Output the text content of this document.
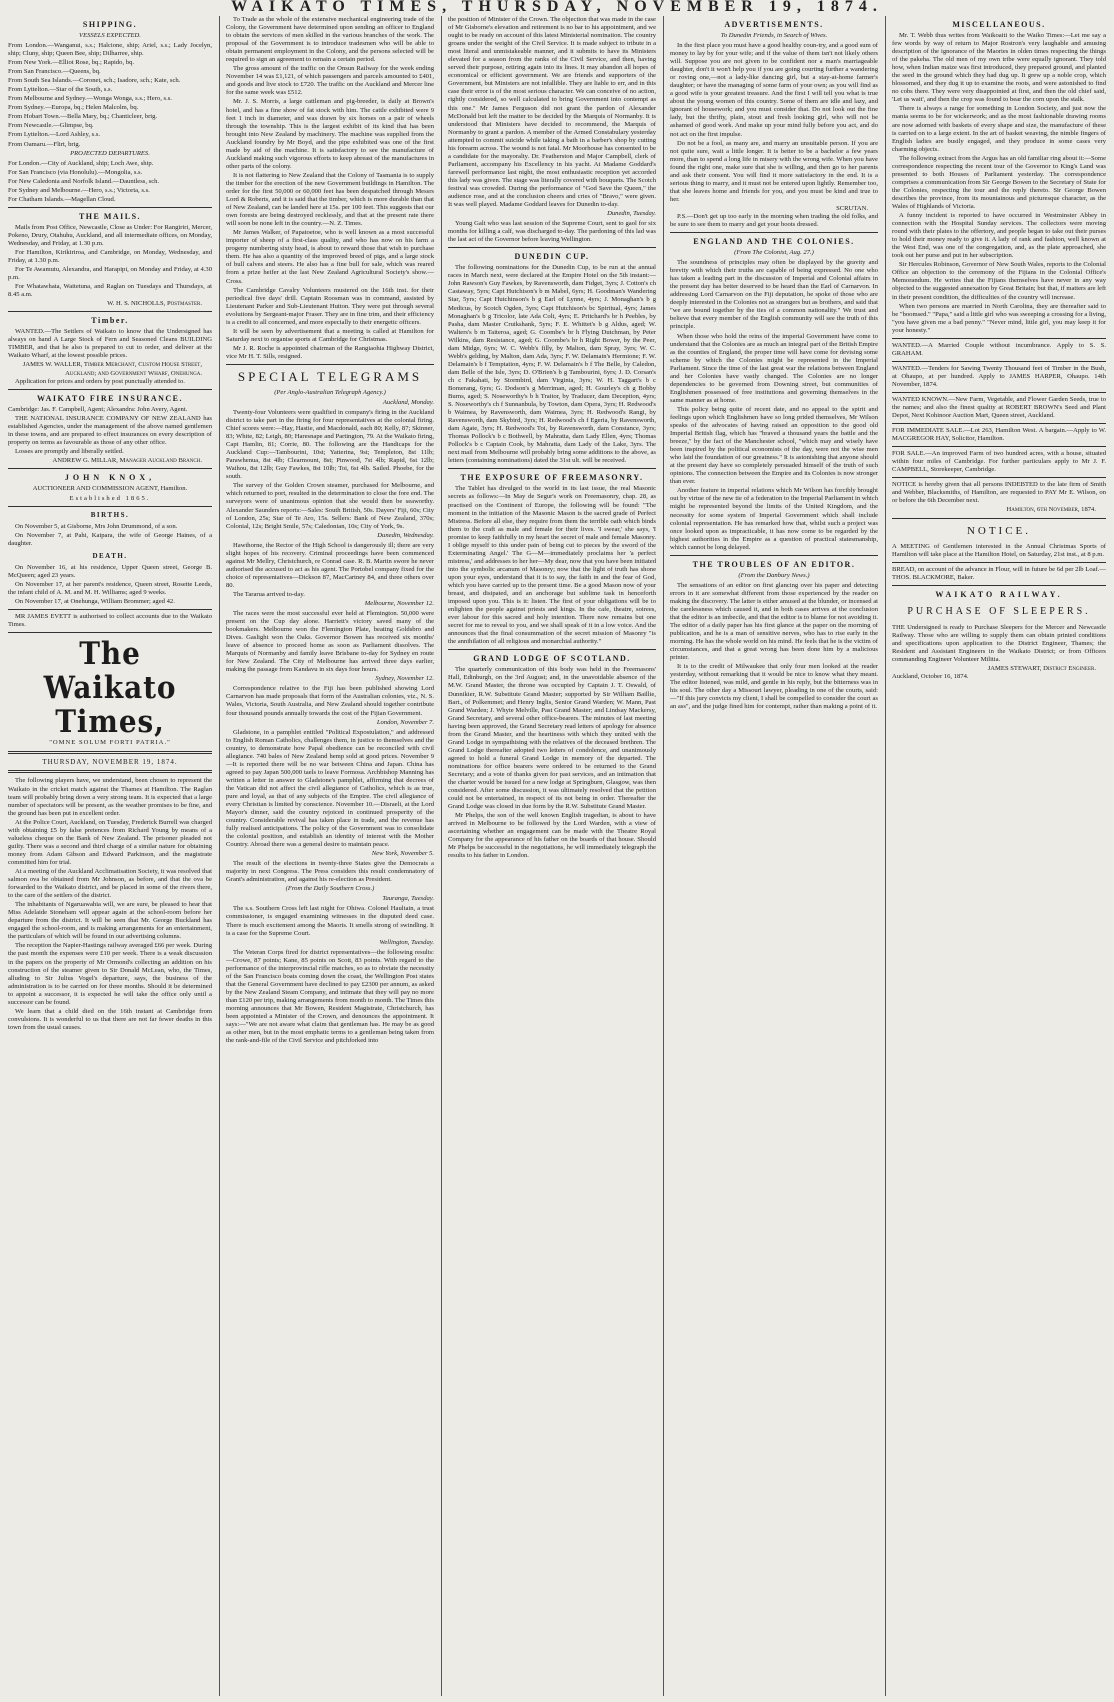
WAIKATO TIMES, THURSDAY, NOVEMBER 19, 1874.
SHIPPING.
VESSELS EXPECTED.

From London.—Wanganui, s.s.; Halcione, ship; Ariel, s.s.; Lady Jocelyn, ship; Cluny, ship; Queen Bee, ship; Dilharree, ship.

From New York.—Elliot Rose, bq.; Rapido, bq.

From San Francisco.—Queens, bq.

From South Sea Islands.—Coronet, sch.; Isadore, sch.; Kate, sch.

From Lyttelton.—Star of the South, s.s.

From Melbourne and Sydney.—Wonga Wonga, s.s.; Hero, s.s.

From Sydney.—Europa, bq.; Helen Malcolm, bq.

From Hobart Town.—Bella Mary, bq.; Chanticleer, brig.

From Newcastle.—Glimpse, bq.

From Lyttelton.—Lord Ashley, s.s.

From Oamaru.—Flirt, brig.

PROJECTED DEPARTURES.

For London.—City of Auckland, ship; Loch Awe, ship.

For San Francisco (via Honolulu).—Mongolia, s.s.

For New Caledonia and Norfolk Island.—Dauntless, sch.

For Sydney and Melbourne.—Hero, s.s.; Victoria, s.s.

For Chatham Islands.—Magellan Cloud.

THE MAILS.

Mails from Post Office, Newcastle, Close as Under: For Rangiriri, Mercer, Pokeno, Drury, Otahuhu, Auckland, and all intermediate offices, on Monday, Wednesday, and Friday, at 1.30 p.m.

For Hamilton, Kirikiriroa, and Cambridge, on Monday, Wednesday, and Friday, at 1.30 p.m.

For Te Awamutu, Alexandra, and Harapipi, on Monday and Friday, at 4.30 p.m.

For Whatawhata, Waitetuna, and Raglan on Tuesdays and Thursdays, at 8.45 a.m.

W. H. S. NICHOLLS, Postmaster.
Timber.

WANTED.—The Settlers of Waikato to know that the Undersigned has always on hand A Large Stock of Fern and Seasoned Cleans BUILDING TIMBER, and that he also is prepared to cut to order, and deliver at the Waikato Wharf, at the lowest possible prices.

JAMES W. WALLER, Timber Merchant, Custom House Street, Auckland; and Government Wharf, Onehunga.

Application for prices and orders by post punctually attended to.

WAIKATO FIRE INSURANCE.

Cambridge: Jas. F. Campbell, Agent; Alexandra: John Avery, Agent.

THE NATIONAL INSURANCE COMPANY OF NEW ZEALAND has established Agencies, under the management of the above named gentlemen in these towns, and are prepared to effect insurances on every description of property on terms as favourable as those of any other office.

Losses are promptly and liberally settled.

ANDREW G. MILLAR, Manager Auckland Branch.
JOHN KNOX,
AUCTIONEER AND COMMISSION AGENT, Hamilton.
Established 1865.
BIRTHS.

On November 5, at Gisborne, Mrs John Drummond, of a son.

On November 7, at Pahi, Kaipara, the wife of George Haines, of a daughter.

DEATH.

On November 16, at his residence, Upper Queen street, George B. McQueen; aged 23 years.

On November 17, at her parent's residence, Queen street, Rosette Leeds, the infant child of A. M. and M. H. Williams; aged 9 weeks.

On November 17, at Onehunga, William Brommer; aged 42.

MR JAMES EVETT is authorised to collect accounts due to the Waikato Times.

The Waikato Times,
"OMNE SOLUM FORTI PATRIA."
THURSDAY, NOVEMBER 19, 1874.

The following players have, we understand, been chosen to represent the Waikato in the cricket match against the Thames at Hamilton. The Raglan team will probably bring down a very strong team. It is expected that a large number of spectators will be present, as the weather promises to be fine, and the ground has been put in excellent order.

At the Police Court, Auckland, on Tuesday, Frederick Burrell was charged with obtaining £5 by false pretences from Richard Young by means of a valueless cheque on the Bank of New Zealand. The prisoner pleaded not guilty. There was a second and third charge of a similar nature for obtaining money from Adam Gibson and Edward Parkinson, and the magistrate committed him for trial.

At a meeting of the Auckland Acclimatisation Society, it was resolved that salmon ova be obtained from Mr Johnson, as before, and that the ova be forwarded to the Waikato district, and be placed in some of the rivers there, to the care of the settlers of the district.

The inhabitants of Ngaruawahia will, we are sure, be pleased to hear that Miss Adelaide Stoneham will appear again at the school-room before her departure from the district. It will be seen that Mr. George Buckland has engaged the school-room, and is making arrangements for an entertainment, the particulars of which will be found in our advertising columns.

The reception the Napier-Hastings railway averaged £66 per week. During the past month the expenses were £10 per week. There is a weak discussion in the papers on the property of Mr Ormond's collecting an addition on his construction of the steamer given to Sir Donald McLean, who, the Times, alluding to Sir Julius Vogel's departure, says, the business of the administration is to be carried on for three months. Should it be determined to appoint a successor, it is expected he will take the office only until a successor can be found.

We learn that a child died on the 16th instant at Cambridge from convulsions. It is wonderful to us that there are not far fewer deaths in this town from the usual causes.

To Trade as the whole of the extensive mechanical engineering trade of the Colony, the Government have determined upon sending an officer to England to obtain the services of men skilled in the various branches of the work. The proposal of the Government is to introduce tradesmen who will be able to obtain permanent employment in the Colony, and the persons selected will be required to sign an agreement to remain a certain period.

The gross amount of the traffic on the Onsun Railway for the week ending November 14 was £1,121, of which passengers and parcels amounted to £401, and goods and live stock to £720. The traffic on the Auckland and Mercer line for the same week was £512.

Mr. J. S. Morris, a large cattleman and pig-breeder, is daily at Brown's hotel, and has a fine show of fat stock with him. The cattle exhibited were 9 feet 1 inch in diameter, and was drawn by six horses on a pair of wheels through the township. This is the largest exhibit of its kind that has been brought into New Zealand by machinery. The machine was supplied from the Auckland foundry by Mr Boyd, and the pipe exhibited was one of the first made by aid of the machine. It is satisfactory to see the manufacture of Auckland making such vigorous efforts to keep abreast of the manufactures in other parts of the colony.

It is not flattering to New Zealand that the Colony of Tasmania is to supply the timber for the erection of the new Government buildings in Hamilton. The order for the first 50,000 or 60,000 feet has been despatched through Messrs Lord & Roberts, and it is said that the timber, which is more durable than that of New Zealand, can be landed here at 15s. per 100 feet. This suggests that our own forests are being destroyed recklessly, and that at the present rate there will soon be none left in the country.—N. Z. Times.

Mr James Walker, of Papatoetoe, who is well known as a most successful importer of sheep of a first-class quality, and who has now on his farm a progeny numbering sixty head, is about to reward those that wish to purchase them. He has also a quantity of the improved breed of pigs, and a large stock of bull calves and steers. He also has a fine bull for sale, which was reared from a prize heifer at the last New Zealand Agricultural Society's show.—Cross.

The Cambridge Cavalry Volunteers mustered on the 16th inst. for their periodical five days' drill. Captain Roosman was in command, assisted by Lieutenant Parker and Sub-Lieutenant Hutton. They were put through several evolutions by Sergeant-major Fraser. They are in fine trim, and their efficiency is a credit to all concerned, and more especially to their energetic officers.

It will be seen by advertisement that a meeting is called at Hamilton for Saturday next to organise sports at Cambridge for Christmas.

Mr J. R. Roche is appointed chairman of the Rangiaohia Highway District, vice Mr H. T. Sills, resigned.

SPECIAL TELEGRAMS
(Per Anglo-Australian Telegraph Agency.)
Auckland, Monday.

Twenty-four Volunteers were qualified in company's firing in the Auckland district to take part in the firing for four representatives at the colonial firing. Chief scores were:—Hay, Hastie, and Macdonald, each 80; Kelly, 87; Skinner, 83; White, 82; Leigh, 80; Haresnape and Partington, 79. At the Waikato firing, Capt Hamlin, 81; Corrie, 80. The following are the Handicaps for the Auckland Cup:—Tambourini, 10st; Yatterina, 9st; Templeton, 8st 11lb; Parawhenua, 8st 4lb; Clearmount, 8st; Pinwood, 7st 4lb; Rapid, 6st 12lb; Waihou, 8st 12lb; Guy Fawkes, 8st 10lb; Toi, 6st 4lb. Sailed. Phoebe, for the south.

The survey of the Golden Crown steamer, purchased for Melbourne, and which returned to port, resulted in the determination to close the fore end. The surveyors were of unanimous opinion that she would then be seaworthy. Alexander Saunders reports:—Sales: South British, 50s. Dayers' Fiji, 60s; City of London, 25s; Star of Te Aro, 15s. Sellers: Bank of New Zealand, 370s; Colonial, 12s; Bright Smile, 57s; Caledonian, 10s; City of York, 9s.

Dunedin, Wednesday.

Hawthorne, the Rector of the High School is dangerously ill; there are very slight hopes of his recovery. Criminal proceedings have been commenced against Mr Mellry, Christchurch, re Conrad case. R. B. Martin swore he never authorised the accused to act as his agent. The Portobel company fixed for the choice of representatives—Dickson 87, MacCartney 84, and three others over 80.

The Tararua arrived to-day.

Melbourne, November 12.

The races were the most successful ever held at Flemington. 50,000 were present on the Cup day alone. Harriett's victory saved many of the bookmakers. Melbourne won the Flemington Plate, beating Goldsbro and Dives. Gaslight won the Oaks. Governor Bowen has received six months' leave of absence to proceed home as soon as Parliament dissolves. The Marquis of Normanby and family leave Brisbane to-day for Sydney en route for New Zealand. The City of Melbourne has arrived three days earlier, making the passage from Kandavu in six days four hours.

Sydney, November 12.

Correspondence relative to the Fiji has been published showing Lord Carnarvon has made proposals that form of the Australian colonies, viz., N. S. Wales, Victoria, South Australia, and New Zealand should together contribute four thousand pounds annually towards the cost of the Fijian Government.

London, November 7.

Gladstone, in a pamphlet entitled "Political Expostulation," and addressed to English Roman Catholics, challenges them, in justice to themselves and the country, to demonstrate how Papal obedience can be reconciled with civil allegiance. 740 bales of New Zealand hemp sold at good prices. November 9—It is reported there will be no war between China and Japan. China has agreed to pay Japan 500,000 taels to leave Formosa. Archbishop Manning has written a letter in answer to Gladstone's pamphlet, affirming that decrees of the Vatican did not affect the civil allegiance of Catholics, which is as true, pure and loyal, as that of any subjects of the Empire. The civil allegiance of every Christian is limited by conscience. November 10.—Disraeli, at the Lord Mayor's dinner, said the country rejoiced in continued prosperity of the country. Considerable revival has taken place in trade, and the revenue has fully realised anticipations. The policy of the Government was to consolidate the colonial position, and establish an identity of interest with the Mother Country. Abroad there was a general desire to maintain peace.

New York, November 5.

The result of the elections in twenty-three States give the Democrats a majority in next Congress. The Press considers this result condemnatory of Grant's administration, and against his re-election as President.

(From the Daily Southern Cross.)
Tauranga, Tuesday.

The s.s. Southern Cross left last night for Ohiwa. Colonel Haultain, a trust commissioner, is engaged examining witnesses in the disputed deed case. There is much excitement among the Maoris. It smells strong of swindling. It is a case for the Supreme Court.

Wellington, Tuesday.

The Veteran Corps fired for district representatives—the following results:—Crowe, 87 points; Kane, 85 points on Scott, 83 points. With regard to the performance of the interprovincial rifle matches, so as to obviate the necessity of the San Francisco boats coming down the coast, the Wellington Post states that the General Government have declined to pay £2300 per annum, as asked by the New Zealand Steam Company, and intimate that they will pay no more than £120 per trip, making arrangements from month to month. The Times this morning announces that Mr Bowen, Resident Magistrate, Christchurch, has been appointed a Minister of the Crown, and denounces the appointment. It says:—"We are not aware what claim that gentleman has. He may be as good as other men, but in the most emphatic terms to a gentleman being taken from the rank-and-file of the Civil Service and pitchforked into

the position of Minister of the Crown. The objection that was made in the case of Mr Gisborne's elevation and retirement is no bar to his appointment, and we ought to be ready on account of this latest Ministerial nomination. The country groans under the weight of the Civil Service. It is made subject to tribute in a most literal and unmistakeable manner, and it submits to have its Ministers elevated for a season from the ranks of the Civil Service, and then, having served their purpose, retiring again into its lines. It may abandon all hopes of economical or efficient government. We are friends and supporters of the Government, but Ministers are not infallible. They are liable to err, and in this case their error is of the most serious character. We can conceive of no action, rightly considered, so well calculated to bring Government into contempt as this one." Mr James Ferguson did not grant the pardon of Alexander McDonald but left the matter to be decided by the Marquis of Normanby. It is understood that Ministers have decided to recommend, the Marquis of Normanby to grant a pardon. A member of the Armed Constabulary yesterday attempted to commit suicide while taking a bath in a barber's shop by cutting his forearm across. The wound is not fatal. Mr Moorhouse has consented to be a candidate for the mayoralty. Dr. Featherston and Major Campbell, clerk of Parliament, accompany his Excellency in his yacht. At Madame Goddard's farewell performance last night, the most enthusiastic reception yet accorded this lady was given. The stage was literally covered with bouquets. The Scotch festival was crowded. During the performance of "God Save the Queen," the audience rose, and at the conclusion cheers and cries of "Bravo," were given. It was well played. Madame Goddard leaves for Dunedin to-day.

Dunedin, Tuesday.

Young Galt who was last session of the Supreme Court, sent to gaol for six months for killing a calf, was discharged to-day. The pardoning of this lad was the last act of the Governor before leaving Wellington.

DUNEDIN CUP.

The following nominations for the Dunedin Cup, to be run at the annual races in March next, were declared at the Empire Hotel on the 5th instant:—John Rawson's Guy Fawkes, by Ravensworth, dam Fidget, 3yrs; J. Cotton's ch Castaway, 5yrs; Capt Hutchison's b m Mabel, 6yrs; H. Goodman's Wandering Star, 5yrs; Capt Hutchinson's b g Earl of Lynne, 4yrs; J. Monaghan's b g Medicus, by Scotch Ogden, 3yrs; Capt Hutchison's bc Spiritual, 4yrs; James Monaghan's b g Tricolor, late Ada Colt, 4yrs; E. Pritchard's br h Peebles, by Pasha, dam Master Cruikshank, 5yrs; F. E. Whittet's b g Aldus, aged; W. Walters's b m Taiteroa, aged; G. Coombe's br h Flying Dutchman, by Peter Wilkins, dam Resistance, aged; G. Coombe's br h Right Bower, by the Peer, dam Midge, 6yrs; W. C. Webb's filly, by Malton, dam Spray, 3yrs; W. C. Webb's gelding, by Malton, dam Ada, 3yrs; F. W. Delamain's Hermione; F. W. Delamain's b f Temptation, 4yrs; F. W. Delamain's b f The Belle, by Caledon, dam Belle of the Isle, 3yrs; D. O'Brien's b g Tambourini, 6yrs; J. D. Corsan's ch c Fakahati, by Stormbird, dam Virginia, 3yrs; W. H. Taggart's b c Bomerang, 6yrs; G. Dodson's g Merriman, aged; H. Gourley's ch g Bobby Burns, aged; S. Noseworthy's b h Traitor, by Traducer, dam Deception, 4yrs; S. Noseworthy's ch f Sunnanbula, by Towton, dam Opera, 3yrs; H. Redwood's b Waimea, by Ravensworth, dam Waimea, 3yrs; H. Redwood's Rangi, by Ravensworth, dam Skybird, 3yrs; H. Redwood's ch f Egeria, by Ravensworth, dam Agate, 3yrs; H. Redwood's Toi, by Ravensworth, dam Constance, 3yrs; Thomas Pollock's b c Bothwell, by Mahratta, dam Lady Ellen, 4yrs; Thomas Pollock's b c Captain Cook, by Mahratta, dam Lady of the Lake, 3yrs. The next mail from Melbourne will probably bring some additions to the above, as letters (containing nominations) dated the 31st ult. will be received.

THE EXPOSURE OF FREEMASONRY.

The Tablet has divulged to the world in its last issue, the real Masonic secrets as follows:—In May de Segur's work on Freemasonry, chap. 28, as practised on the Continent of Europe, the following will be found: "The moment in the initiation of the Masonic Mason is the sacred grade of Perfect Mistress. Before all else, they require from them the terrible oath which binds them to the craft as male and female for their lives. 'I swear,' she says, 'I promise to keep faithfully in my heart the secret of male and female Masonry. I oblige myself to this under pain of being cut to pieces by the sword of the Exterminating Angel.' The G—M—immediately proclaims her 'a perfect mistress,' and addresses to her her—My dear, now that you have been initiated into the symbolic arcanum of Masonry; now that the light of truth has shone upon your eyes, understand that it is to say, the faith in and the fear of God, which you have carried up to the present time. Be a good Mason now of your breast, and disipated, and an anchorage but sublime task in henceforth imposed upon you. This is it: listen. The first of your obligations will be to enlighten the people against priests and kings. In the cafe, theatre, soirees, ever labour for this sacred and holy intention. There now remains but one secret for me to reveal to you, and we shall speak of it in a low voice. And the announces that the final consummation of the secret mission of Masonry "is the annihilation of all religious and monarchial authority."

GRAND LODGE OF SCOTLAND.

The quarterly communication of this body was held in the Freemasons' Hall, Edinburgh, on the 3rd August; and, in the unavoidable absence of the M.W. Grand Master, the throne was occupied by Captain J. T. Oswald, of Dunnikier, R.W. Substitute Grand Master; supported by Sir William Baillie, Bart., of Polkemmet; and Henry Inglis, Senior Grand Warden; W. Mann, Past Grand Warden; J. Whyte Melville, Past Grand Master; and Lindsay Mackersy, Grand Secretary, and several other office-bearers. The minutes of last meeting having been approved, the Grand Secretary read letters of apology for absence from the Grand Master, and the heartiness with which they united with the Grand Lodge in sympathising with the relatives of the deceased brethren. The Grand Lodge thereafter adopted two letters of condolence, and unanimously agreed to hold a funeral Grand Lodge in memory of the departed. The nominations for office bearers were ordered to be returned to the Grand Secretary; and a vote of thanks given for past services, and an intimation that the charter would be issued for a new lodge at Springburn, Glasgow, was then considered. After some discussion, it was ultimately resolved that the petition could not be entertained, in respect of its not being in order. Thereafter the Grand Lodge was closed in due form by the R.W. Substitute Grand Master.

Mr Phelps, the son of the well known English tragedian, is about to have arrived in Melbourne to be followed by the Lord Warden, with a view of ascertaining whether an engagement can be made with the Theatre Royal Company for the appearance of his father on the boards of that house. Should Mr Phelps be successful in the negotiations, he will immediately telegraph the results to his father in London.

ADVERTISEMENTS.
To Dunedin Friends, in Search of Wives.

In the first place you must have a good healthy coun-try, and a good sum of money to lay by for your wife; and if the value of them isn't not likely others will. Suppose you are not given to be confident nor a man's marriageable daughter, don't it won't help you if you are going courting further a wandering or roving one,—not a lady-like dancing girl, but a stay-at-home farmer's daughter; or have the managing of some farm of your own; as you will find as a good wife is your greatest treasure. And the first I will tell you what is true about the young women of this country. Some of them are idle and lazy, and ignorant of housework; and you must consider that. Do not look out the fine lady, but the thrifty, plain, stout and fresh looking girl, who will not be ashamed of good work. And make up your mind fully before you act, and do not act on the first impulse.

Do not be a fool, as many are, and marry an unsuitable person. If you are not quite sure, wait a little longer. It is better to be a bachelor a few years more, than to spend a long life in misery with the wrong wife. When you have found the right one, make sure that she is willing, and then go to her parents and ask their consent. You will find it more satisfactory in the end. It is a serious thing to marry, and it must not be entered upon lightly. Remember too, that she leaves home and friends for you, and you must be kind and true to her.

SCRUTAN.

P.S.—Don't get up too early in the morning when trading the old folks, and be sure to see them to marry and get your boots dressed.

ENGLAND AND THE COLONIES.
(From The Colonist, Aug. 27.)

The soundness of principles may often be displayed by the gravity and brevity with which their truths are capable of being expressed. No one who has taken a leading part in the discussion of Imperial and Colonial affairs in the present day has better deserved to be heard than the Earl of Carnarvon. In addressing Lord Carnarvon on the Fiji deputation, he spoke of those who are deeply interested in the Colonies not as strangers but as brothers, and said that "we are bound together by the ties of a common nationality." We trust and believe that every member of the English community will see the truth of this principle.

When those who hold the reins of the imperial Government have come to understand that the Colonies are as much an integral part of the British Empire as the counties of England, the proper time will have come for devising some scheme by which the Colonies might be represented in the Imperial Parliament. Since the time of the last great war the relations between England and her Colonies have vastly changed. The Colonies are no longer dependencies to be governed from Downing street, but communities of Englishmen possessed of free institutions and governing themselves in the same manner as at home.

This policy being quite of recent date, and no appeal to the spirit and feelings upon which Englishmen have so long prided themselves, Mr Wilson speaks of the advocates of having raised an opposition to the good old Imperial British flag, which has "braved a thousand years the battle and the breeze," by the fact of the Manchester school, "which may and wisely have been inspired by the political economists of the day, were not the wise men who laid the foundation of our greatness." It is astonishing that anyone should at the present day have so completely persuaded himself of the truth of such opinions. The connection between the Empire and its Colonies is now stronger than ever.

Another feature in imperial relations which Mr Wilson has forcibly brought out by virtue of the new tie of a federation to the Imperial Parliament in which might be represented beyond the limits of the United Kingdom, and the necessity for some system of Imperial Government which shall include colonial representation. He has remarked how that, whilst such a project was once looked upon as impracticable, it has now come to be regarded by the highest authorities in the Empire as a question of practical statesmanship, which cannot be long delayed.

THE TROUBLES OF AN EDITOR.
(From the Danbury News.)

The sensations of an editor on first glancing over his paper and detecting errors in it are somewhat different from those experienced by the reader on making the discovery. The latter is either amused at the blunder, or incensed at the carelessness which caused it, and in both cases arrives at the conclusion that the editor is an imbecile, and that the editor is to blame for not avoiding it. The editor of a daily paper has his first glance at the paper on the morning of publication, and he is a man of sensitive nerves, who has to rise early in the morning. He has the whole world on his mind. He feels that he is the victim of circumstances, and that a great wrong has been done him by a malicious printer.

It is to the credit of Milwaukee that only four men looked at the reader yesterday, without remarking that it would be nice to know what they meant. The editor listened, was mild, and gentle in his reply, but the bitterness was in his soul. The other day a Missouri lawyer, pleading in one of the courts, said:—"If this jury convicts my client, I shall be compelled to consider the court as an ass", and the judge fined him for contempt, rather than making a point of it.

MISCELLANEOUS.

Mr. T. Webb thus writes from Waikoaiti to the Waiko Times:—Let me say a few words by way of return to Major Rostron's very laughable and amusing description of the ignorance of the Maories in olden times respecting the things of the pakeha. The old men of my own tribe were equally ignorant. They told how, when Indian maize was first introduced, they prepared ground, and planted the seed in the ground which they had dug up. It grew up a noble crop, which blossomed, and they dug it up to examine the roots, and were astonished to find no cobs there. They were very disappointed at first, and then the old chief said, 'Let us wait', and then the crop was found to bear the corn upon the stalk.

There is always a range for something in London Society, and just now the mania seems to be for wickerwork; and as the most fashionable drawing rooms are now adorned with baskets of every shape and size, the manufacture of these is carried on to a large extent. In the art of basket weaving, the nimble fingers of English ladies are busily engaged, and they produce in some cases very charming objects.

The following extract from the Argus has an old familiar ring about it:—Some correspondence respecting the recent tour of the Governor to King's Land was presented to both Houses of Parliament yesterday. The correspondence comprises a communication from Sir George Bowen to the Secretary of State for the Colonies, respecting the tour and the reply thereto. Sir George Bowen describes the province, from its mountainous and picturesque character, as the Wales of Highlands of Victoria.

A funny incident is reported to have occurred in Westminster Abbey in connection with the Hospital Sunday services. The collectors were moving round with their plates to the offertory, and people began to take out their purses to hold their money ready to give it. A lady of rank and fashion, well known at the West End, was one of the congregation, and, as the plate approached, she took out her purse and put in her subscription.

Sir Hercules Robinson, Governor of New South Wales, reports to the Colonial Office an objection to the ceremony of the Fijians in the Colonial Office's Memorandum. He writes that the Fijians themselves have never in any way objected to the suggested annexation by Great Britain; but that, if matters are left in their present condition, the difficulties of the country will increase.

When two persons are married in North Carolina, they are thereafter said to be "boomsed." "Papa," said a little girl who was sweeping a crossing for a living, "you have given me a bad penny." "Never mind, little girl, you may keep it for your honesty."

WANTED.—A Married Couple without incumbrance. Apply to S. S. GRAHAM.

WANTED.—Tenders for Sawing Twenty Thousand feet of Timber in the Bush, at Ohaupo, at per hundred. Apply to JAMES HARPER, Ohaupo. 14th November, 1874.

WANTED KNOWN.—New Farm, Vegetable, and Flower Garden Seeds, true to the names; and also the finest quality at ROBERT BROWN's Seed and Plant Depot, Next Kohinoor Auction Mart, Queen street, Auckland.

FOR IMMEDIATE SALE.—Lot 263, Hamilton West. A bargain.—Apply to W. MACGREGOR HAY, Solicitor, Hamilton.

FOR SALE.—An improved Farm of two hundred acres, with a house, situated within four miles of Cambridge. For further particulars apply to Mr J. F. CAMPBELL, Storekeeper, Cambridge.

NOTICE is hereby given that all persons INDEBTED to the late firm of Smith and Webber, Blacksmiths, of Hamilton, are requested to PAY Mr E. Wilson, on or before the 6th December next.

Hamilton, 6th November, 1874.
NOTICE.

A MEETING of Gentlemen interested in the Annual Christmas Sports of Hamilton will take place at the Hamilton Hotel, on Saturday, 21st inst., at 8 p.m.

BREAD, on account of the advance in Flour, will in future be 6d per 2lb Loaf.—THOS. BLACKMORE, Baker.

WAIKATO RAILWAY.
PURCHASE OF SLEEPERS.

THE Undersigned is ready to Purchase Sleepers for the Mercer and Newcastle Railway. Those who are willing to supply them can obtain printed conditions and specifications upon application to the District Engineer, Thames; the Resident and Assistant Engineers in the Waikato District; or from Officers commanding Engineer Volunteer Militia.

JAMES STEWART, District Engineer.

Auckland, October 16, 1874.
